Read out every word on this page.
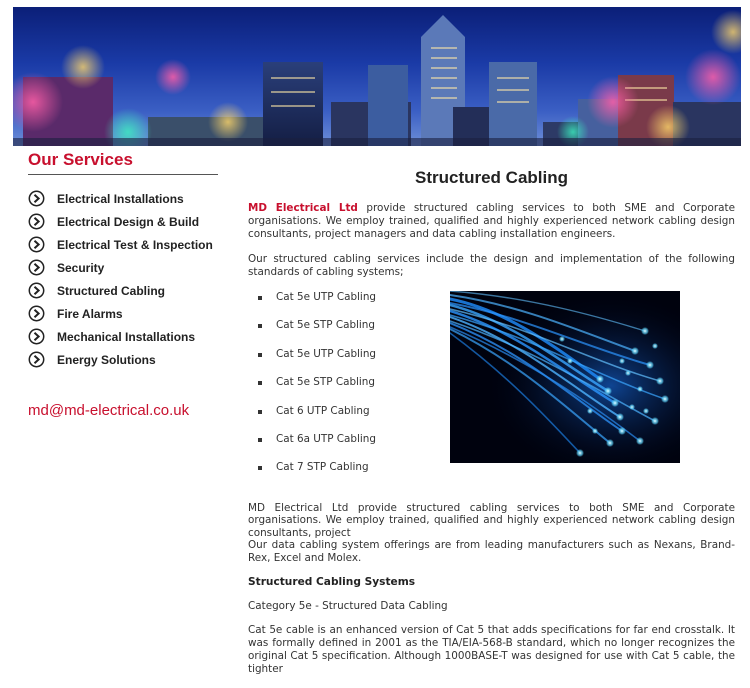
Our Services
Electrical Installations
Electrical Design & Build
Electrical Test & Inspection
Security
Structured Cabling
Fire Alarms
Mechanical Installations
Energy Solutions
md@md-electrical.co.uk
Structured Cabling

MD Electrical Ltd provide structured cabling services to both SME and Corporate organisations. We employ trained, qualified and highly experienced network cabling design consultants, project managers and data cabling installation engineers.

Our structured cabling services include the design and implementation of the following standards of cabling systems;

Cat 5e UTP Cabling
Cat 5e STP Cabling
Cat 5e UTP Cabling
Cat 5e STP Cabling
Cat 6 UTP Cabling
Cat 6a UTP Cabling
Cat 7 STP Cabling

MD Electrical Ltd provide structured cabling services to both SME and Corporate organisations. We employ trained, qualified and highly experienced network cabling design consultants, project
Our data cabling system offerings are from leading manufacturers such as Nexans, Brand-Rex, Excel and Molex.

Structured Cabling Systems

Category 5e - Structured Data Cabling

Cat 5e cable is an enhanced version of Cat 5 that adds specifications for far end crosstalk. It was formally defined in 2001 as the TIA/EIA-568-B standard, which no longer recognizes the original Cat 5 specification. Although 1000BASE-T was designed for use with Cat 5 cable, the tighter
